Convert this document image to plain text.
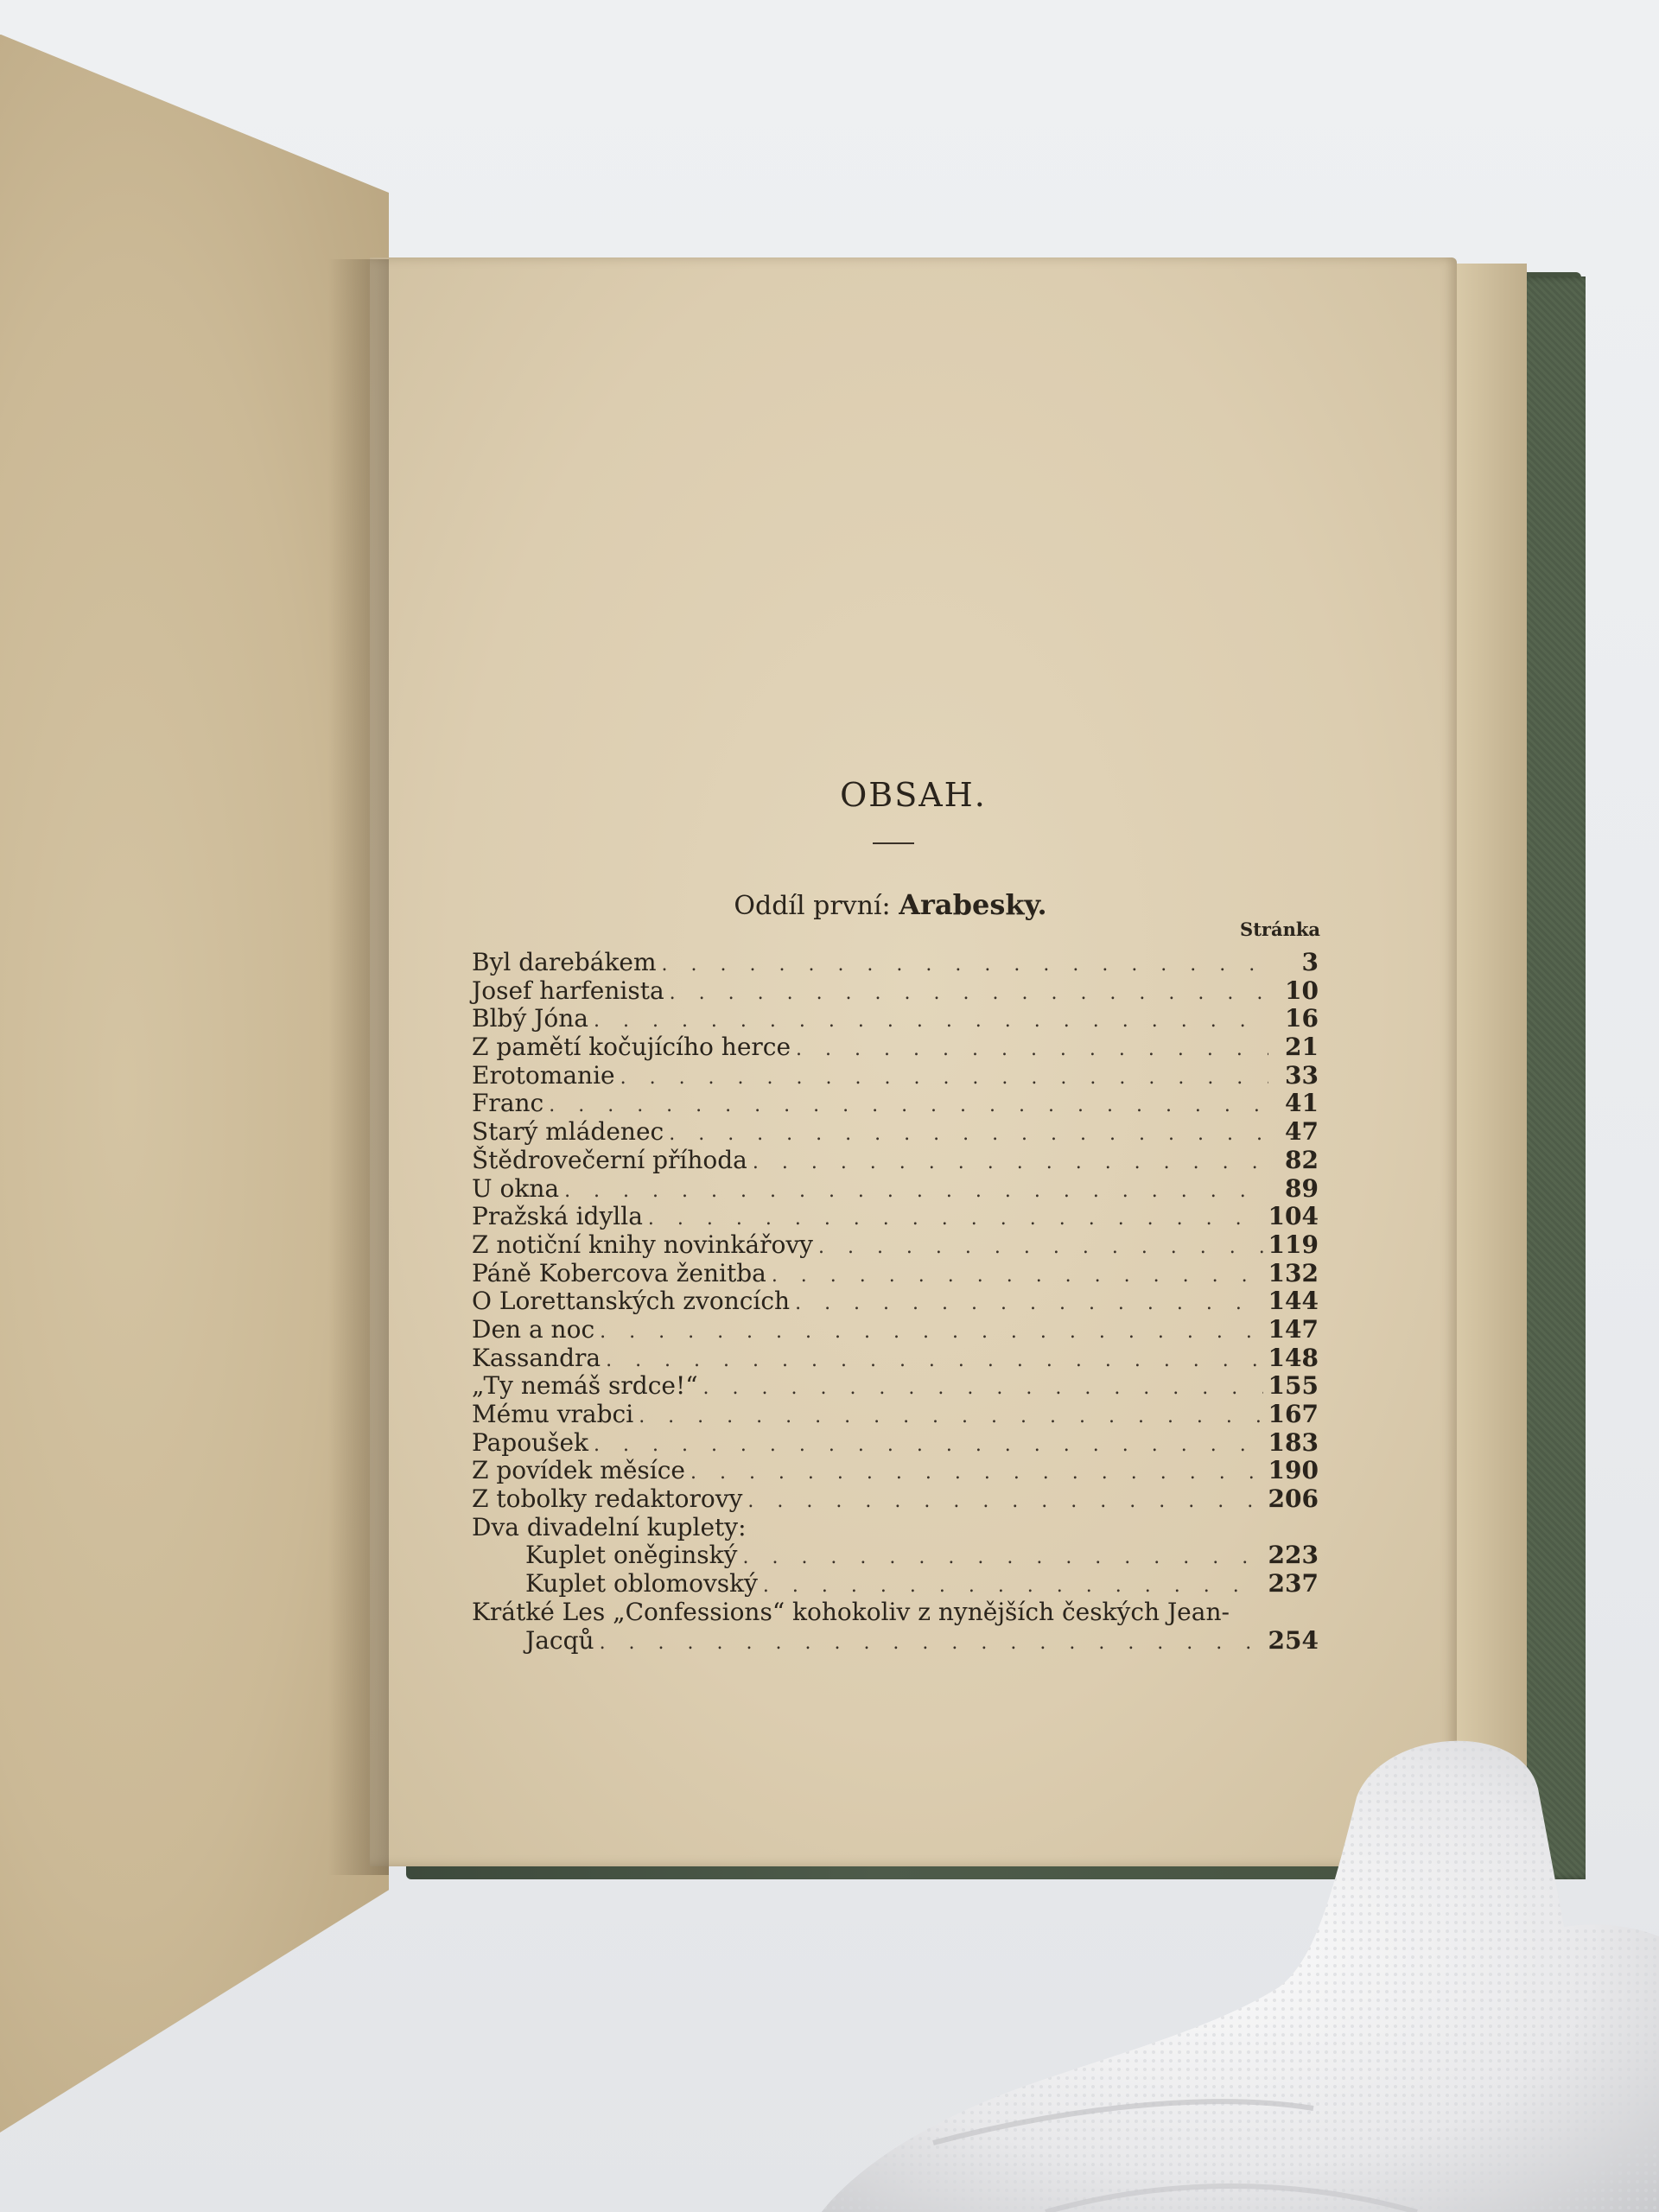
OBSAH.
Oddíl první: Arabesky.
Stránka
Byl darebákem . . .	3
Josef harfenista . . .	10
Blbý Jóna . . .	16
Z pamětí kočujícího herce . . .	21
Erotomanie . . .	33
Franc . . .	41
Starý mládenec . . .	47
Štědrovečerní příhoda . . .	82
U okna . . .	89
Pražská idylla . . .	104
Z notiční knihy novinkářovy . . .	119
Páně Kobercova ženitba . . .	132
O Lorettanských zvoncích . . .	144
Den a noc . . .	147
Kassandra . . .	148
„Ty nemáš srdce!“ . . .	155
Mému vrabci . . .	167
Papoušek . . .	183
Z povídek měsíce . . .	190
Z tobolky redaktorovy . . .	206
Dva divadelní kuplety:
Kuplet oněginský . . .	223
Kuplet oblomovský . . .	237
Krátké Les „Confessions“ kohokoliv z nynějších českých Jean-
Jacqů . . .	254
